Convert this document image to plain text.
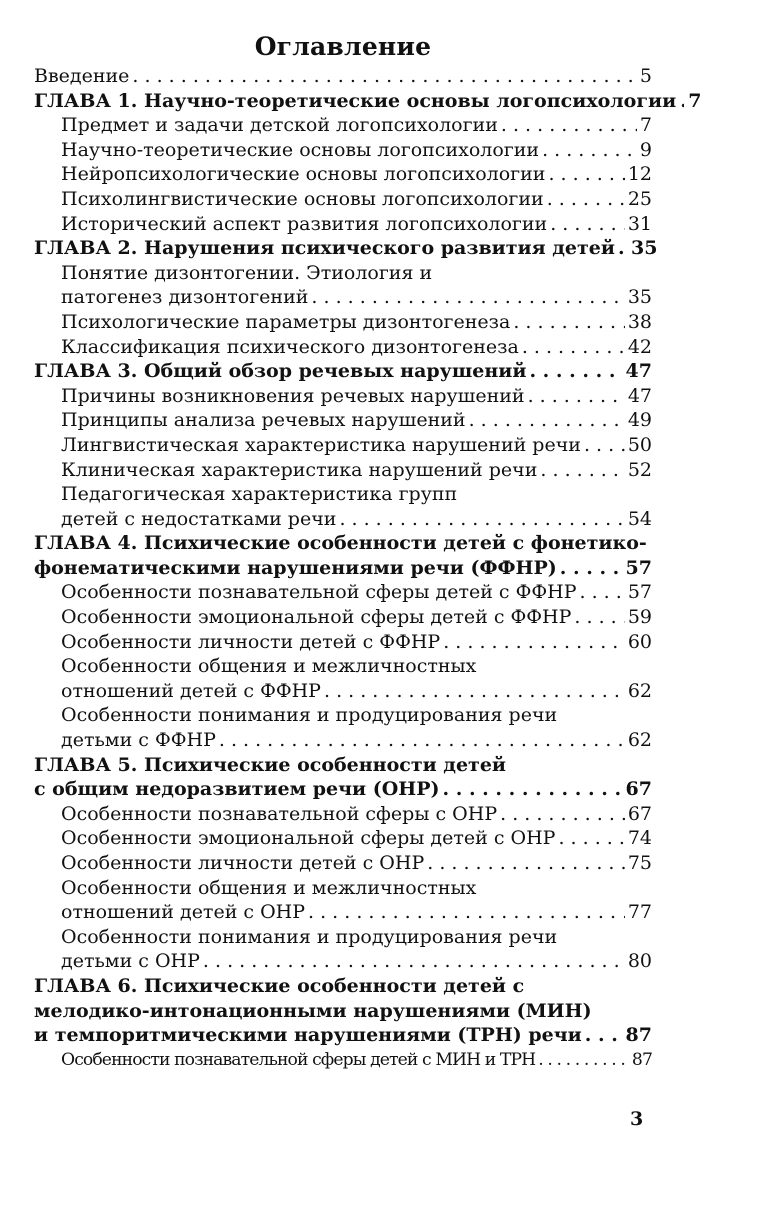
Оглавление
Введение . . .	5
ГЛАВА 1. Научно-теоретические основы логопсихологии . . . 7
Предмет и задачи детской логопсихологии . . .	7
Научно-теоретические основы логопсихологии . . .	9
Нейропсихологические основы логопсихологии . . .	12
Психолингвистические основы логопсихологии . . .	25
Исторический аспект развития логопсихологии . . .	31
ГЛАВА 2. Нарушения психического развития детей . . . 35
Понятие дизонтогении. Этиология и
патогенез дизонтогений . . .	35
Психологические параметры дизонтогенеза . . .	38
Классификация психического дизонтогенеза . . .	42
ГЛАВА 3. Общий обзор речевых нарушений . . .	47
Причины возникновения речевых нарушений . . .	47
Принципы анализа речевых нарушений . . .	49
Лингвистическая характеристика нарушений речи . . . 50
Клиническая характеристика нарушений речи . . .	52
Педагогическая характеристика групп
детей с недостатками речи . . .	54
ГЛАВА 4. Психические особенности детей с фонетико-
фонематическими нарушениями речи (ФФНР) . . .	57
Особенности познавательной сферы детей с ФФНР . . .	57
Особенности эмоциональной сферы детей с ФФНР . . .	59
Особенности личности детей с ФФНР . . .	60
Особенности общения и межличностных
отношений детей с ФФНР . . .	62
Особенности понимания и продуцирования речи
детьми с ФФНР . . .	62
ГЛАВА 5. Психические особенности детей
с общим недоразвитием речи (ОНР) . . .	67
Особенности познавательной сферы с ОНР . . .	67
Особенности эмоциональной сферы детей с ОНР . . .	74
Особенности личности детей с ОНР . . .	75
Особенности общения и межличностных
отношений детей с ОНР . . .	77
Особенности понимания и продуцирования речи
детьми с ОНР . . .	80
ГЛАВА 6. Психические особенности детей с
мелодико-интонационными нарушениями (МИН)
и темпоритмическими нарушениями (ТРН) речи . . . 87
Особенности познавательной сферы детей с МИН и ТРН . . .	87
3
